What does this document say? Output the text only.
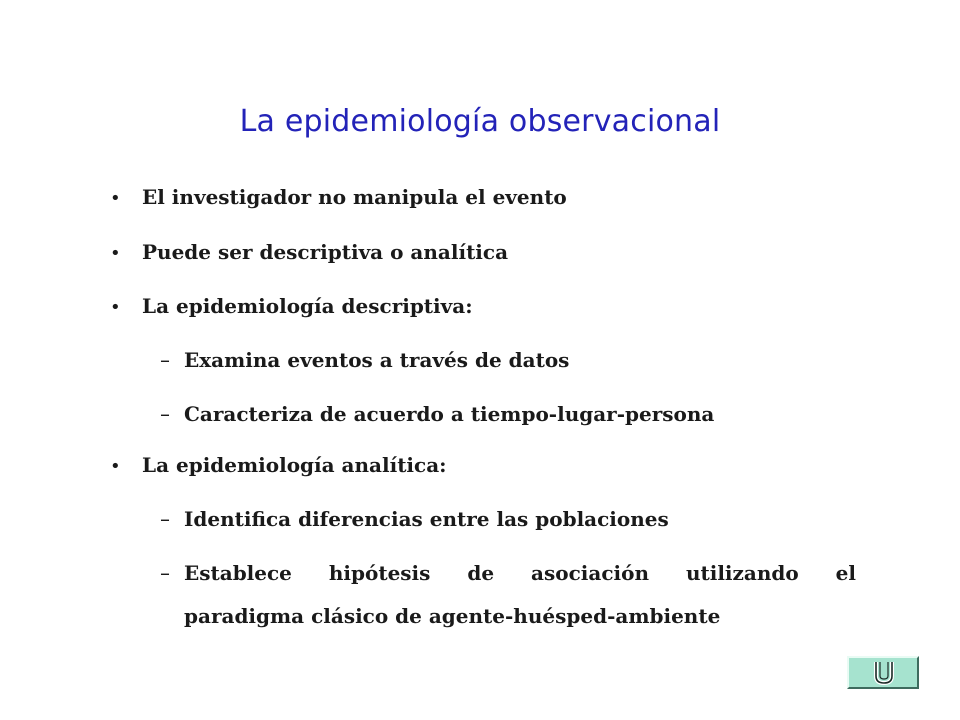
La epidemiología observacional
• El investigador no manipula el evento
• Puede ser descriptiva o analítica
• La epidemiología descriptiva:
– Examina eventos a través de datos
– Caracteriza de acuerdo a tiempo-lugar-persona
• La epidemiología analítica:
– Identifica diferencias entre las poblaciones
– Establece hipótesis de asociación utilizando el
paradigma clásico de agente-huésped-ambiente
